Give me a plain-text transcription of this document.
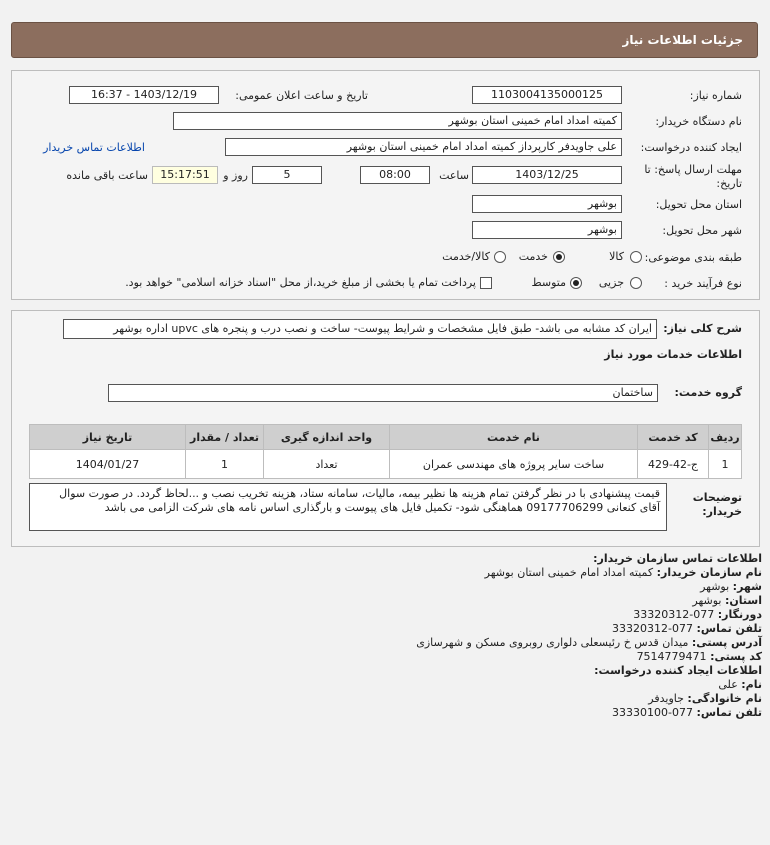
جزئیات اطلاعات نیاز
شماره نیاز:
1103004135000125
تاریخ و ساعت اعلان عمومی:
1403/12/19 - 16:37
نام دستگاه خریدار:
کمیته امداد امام خمینی استان بوشهر
ایجاد کننده درخواست:
علی جاویدفر کارپرداز کمیته امداد امام خمینی استان بوشهر
اطلاعات تماس خریدار
مهلت ارسال پاسخ: تا
تاریخ:
1403/12/25
ساعت
08:00
5
روز و
15:17:51
ساعت باقی مانده
استان محل تحویل:
بوشهر
شهر محل تحویل:
بوشهر
طبقه بندی موضوعی:
کالا
خدمت
کالا/خدمت
نوع فرآیند خرید :
جزیی
متوسط
پرداخت تمام یا بخشی از مبلغ خرید،از محل "اسناد خزانه اسلامی" خواهد بود.
شرح کلی نیاز:
ایران کد مشابه می باشد- طبق فایل مشخصات و شرایط پیوست- ساخت و نصب درب و پنجره های upvc اداره بوشهر
اطلاعات خدمات مورد نیاز
گروه خدمت:
ساختمان
ردیف	کد خدمت	نام خدمت	واحد اندازه گیری	تعداد / مقدار	تاریخ نیاز
1	ج-42-429	ساخت سایر پروژه های مهندسی عمران	تعداد	1	1404/01/27
توضیحات
خریدار:
قیمت پیشنهادی با در نظر گرفتن تمام هزینه ها نظیر بیمه، مالیات، سامانه ستاد، هزینه تخریب نصب و ...لحاظ گردد. در صورت سوال آقای کنعانی 09177706299 هماهنگی شود- تکمیل فایل های پیوست و بارگذاری اساس نامه های شرکت الزامی می باشد
اطلاعات تماس سازمان خریدار:
نام سازمان خریدار: کمیته امداد امام خمینی استان بوشهر
شهر: بوشهر
استان: بوشهر
دورنگار: 077-33320312
تلفن تماس: 077-33320312
آدرس پستی: میدان قدس خ رئیسعلی دلواری روبروی مسکن و شهرسازی
کد پستی: 7514779471
اطلاعات ایجاد کننده درخواست:
نام: علی
نام خانوادگی: جاویدفر
تلفن تماس: 077-33330100
